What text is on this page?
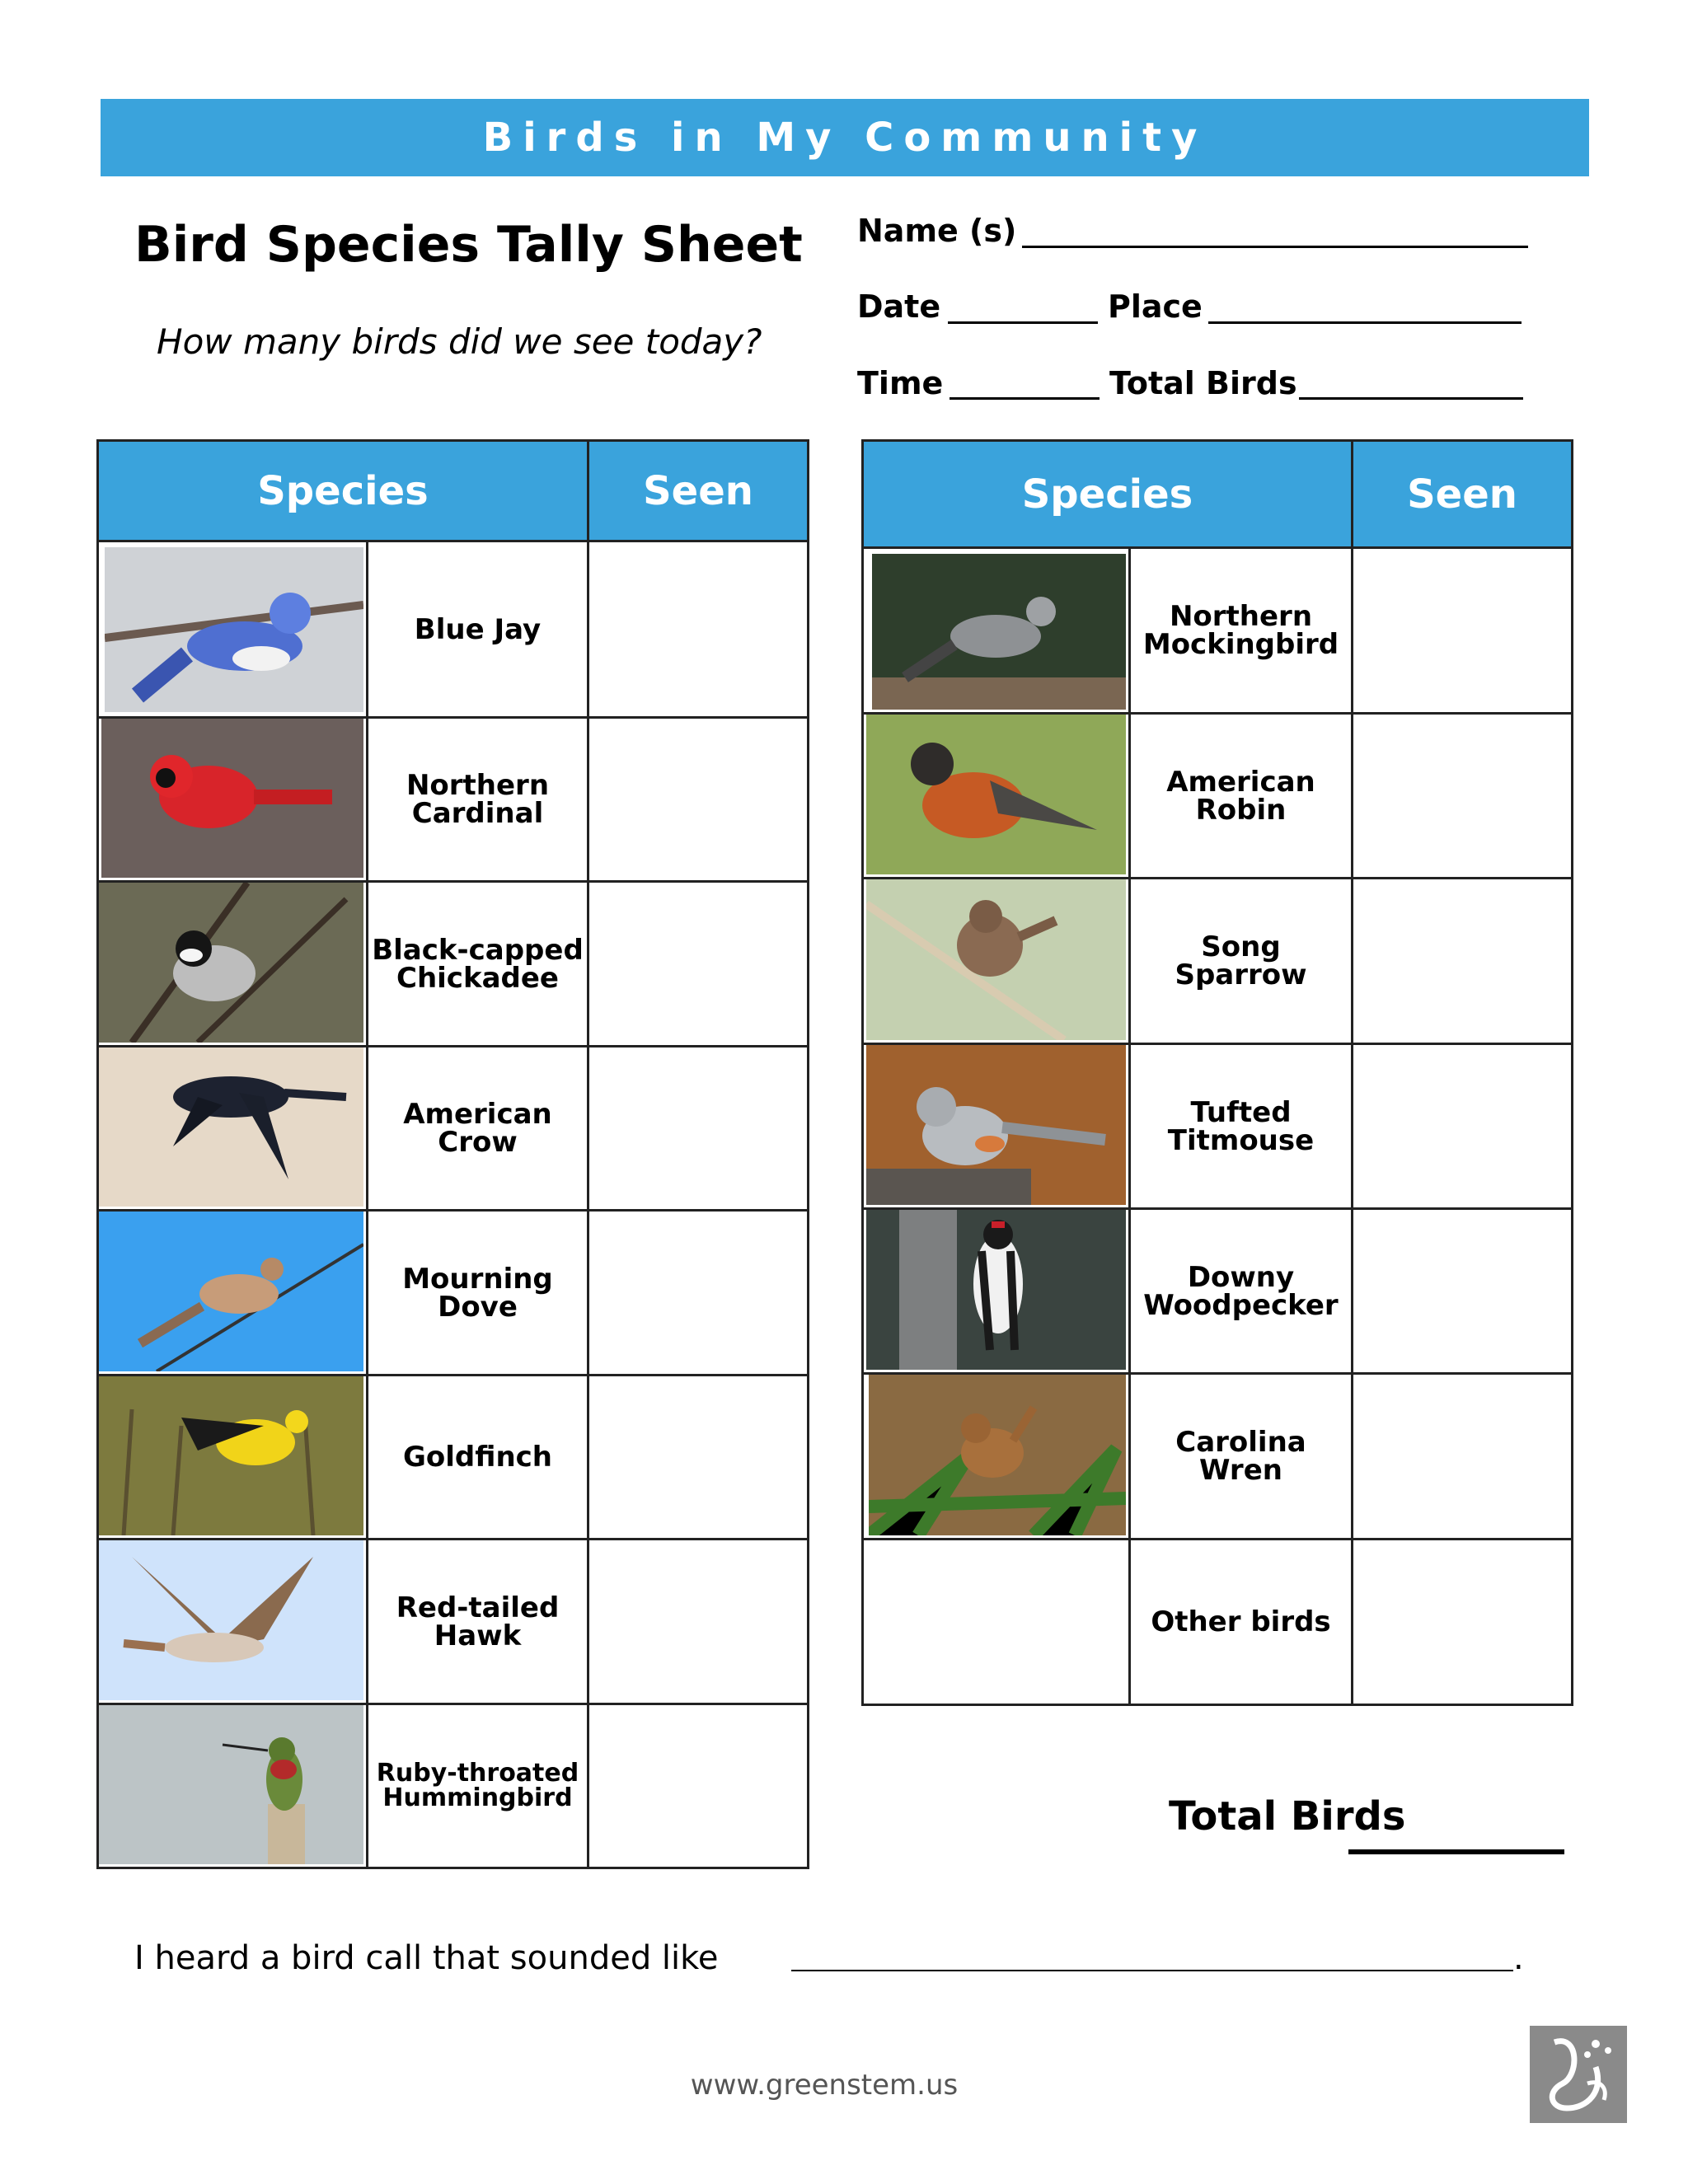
Birds in My Community
Bird Species Tally Sheet
How many birds did we see today?
Name (s)
Date	Place
Time	Total Birds
Species	Seen
Blue Jay
Northern Cardinal
Black-capped Chickadee
American Crow
Mourning Dove
Goldfinch
Red-tailed Hawk
Ruby-throated Hummingbird
Species	Seen
Northern Mockingbird
American Robin
Song Sparrow
Tufted Titmouse
Downy Woodpecker
Carolina Wren
Other birds
Total Birds
I heard a bird call that sounded like	.
www.greenstem.us
